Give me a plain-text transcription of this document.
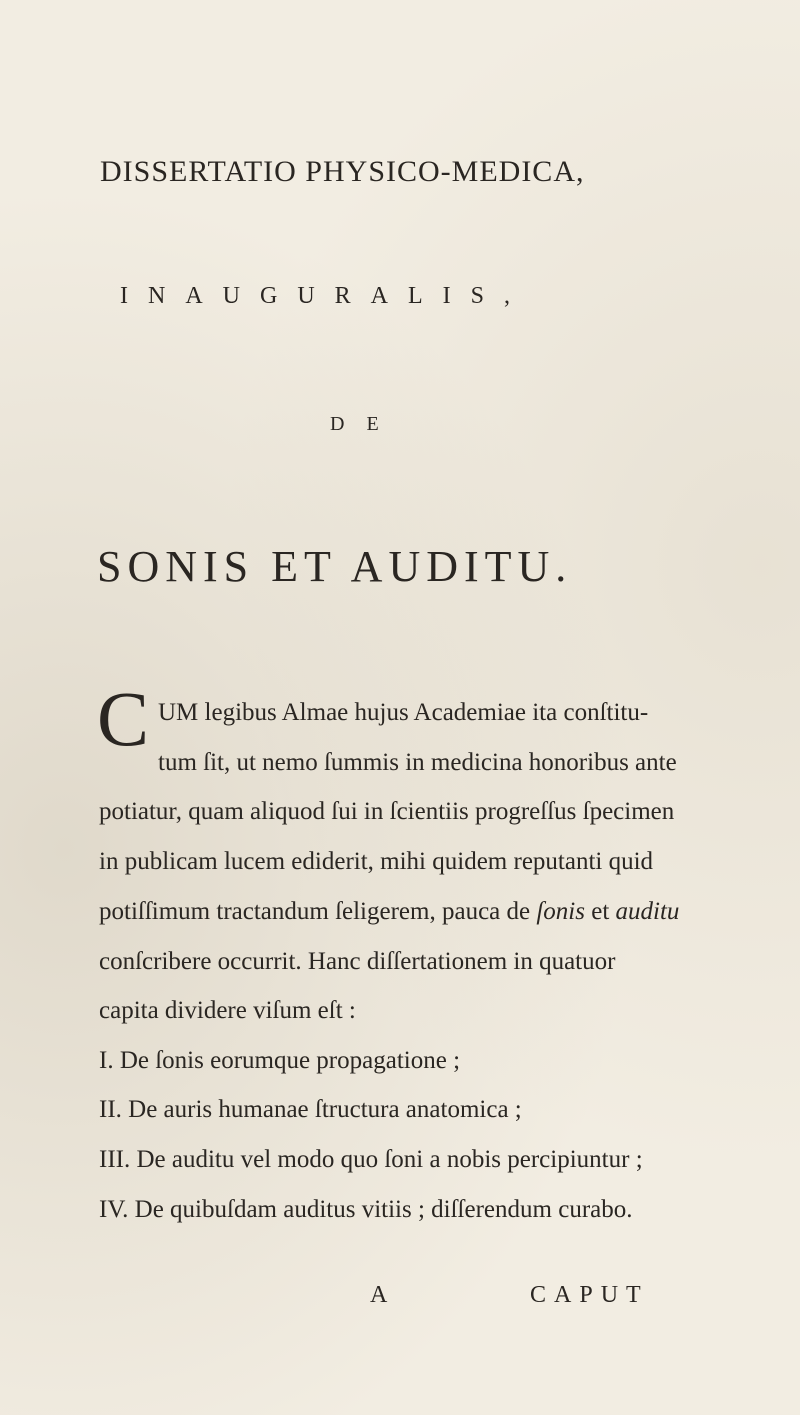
DISSERTATIO PHYSICO-MEDICA,
INAUGURALIS,
DE
SONIS ET AUDITU.
C UM legibus Almae hujus Academiae ita conſtitu-
tum ſit, ut nemo ſummis in medicina honoribus ante
potiatur, quam aliquod ſui in ſcientiis progreſſus ſpecimen
in publicam lucem ediderit, mihi quidem reputanti quid
potiſſimum tractandum ſeligerem, pauca de ſonis et auditu
conſcribere occurrit. Hanc diſſertationem in quatuor
capita dividere viſum eſt :
I. De ſonis eorumque propagatione ;
II. De auris humanae ſtructura anatomica ;
III. De auditu vel modo quo ſoni a nobis percipiuntur ;
IV. De quibuſdam auditus vitiis ; diſſerendum curabo.
A	CAPUT
